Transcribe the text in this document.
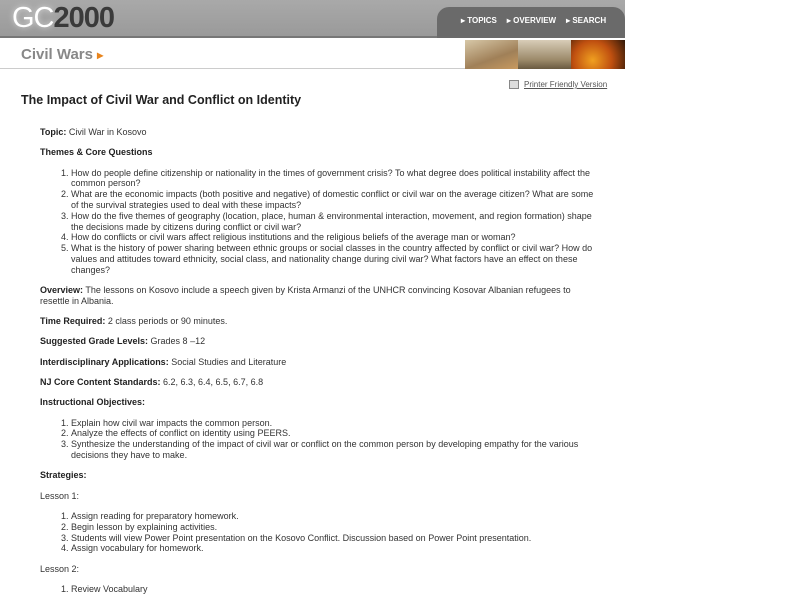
GC2000	▸ TOPICS ▸ OVERVIEW ▸ SEARCH
Civil Wars ▸
Printer Friendly Version
The Impact of Civil War and Conflict on Identity

Topic: Civil War in Kosovo

Themes & Core Questions

1. How do people define citizenship or nationality in the times of government crisis? To what degree does political instability affect the common person?
2. What are the economic impacts (both positive and negative) of domestic conflict or civil war on the average citizen? What are some of the survival strategies used to deal with these impacts?
3. How do the five themes of geography (location, place, human & environmental interaction, movement, and region formation) shape the decisions made by citizens during conflict or civil war?
4. How do conflicts or civil wars affect religious institutions and the religious beliefs of the average man or woman?
5. What is the history of power sharing between ethnic groups or social classes in the country affected by conflict or civil war? How do values and attitudes toward ethnicity, social class, and nationality change during civil war? What factors have an effect on these changes?

Overview: The lessons on Kosovo include a speech given by Krista Armanzi of the UNHCR convincing Kosovar Albanian refugees to resettle in Albania.

Time Required: 2 class periods or 90 minutes.

Suggested Grade Levels: Grades 8 –12

Interdisciplinary Applications: Social Studies and Literature

NJ Core Content Standards: 6.2, 6.3, 6.4, 6.5, 6.7, 6.8

Instructional Objectives:

1. Explain how civil war impacts the common person.
2. Analyze the effects of conflict on identity using PEERS.
3. Synthesize the understanding of the impact of civil war or conflict on the common person by developing empathy for the various decisions they have to make.

Strategies:

Lesson 1:

1. Assign reading for preparatory homework.
2. Begin lesson by explaining activities.
3. Students will view Power Point presentation on the Kosovo Conflict. Discussion based on Power Point presentation.
4. Assign vocabulary for homework.

Lesson 2:

1. Review Vocabulary
